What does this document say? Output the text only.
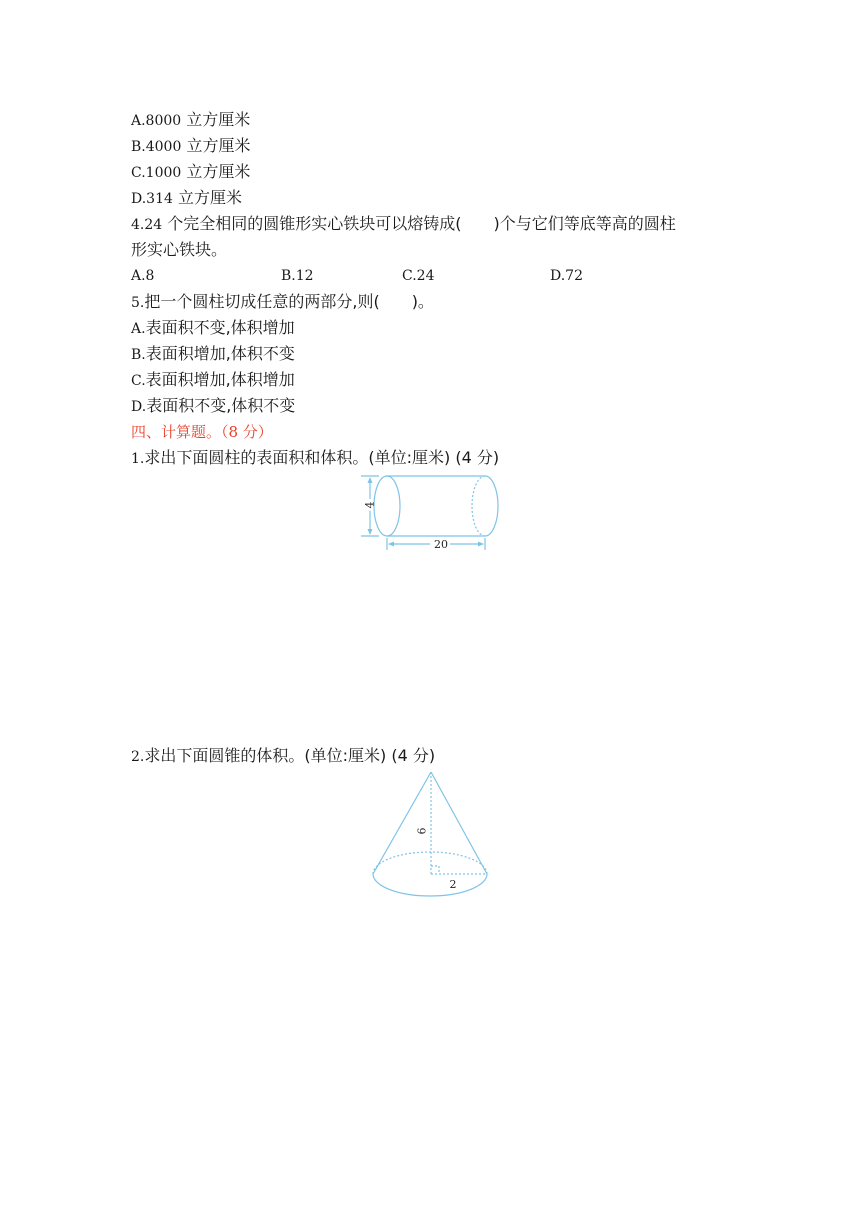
A.8000 立方厘米
B.4000 立方厘米
C.1000 立方厘米
D.314 立方厘米
4.24 个完全相同的圆锥形实心铁块可以熔铸成(　　)个与它们等底等高的圆柱
形实心铁块。
A.8	B.12	C.24	D.72
5.把一个圆柱切成任意的两部分,则(　　)。
A.表面积不变,体积增加
B.表面积增加,体积不变
C.表面积增加,体积增加
D.表面积不变,体积不变
四、计算题。（8 分）
1.求出下面圆柱的表面积和体积。(单位:厘米) (4 分)
4
20
2.求出下面圆锥的体积。(单位:厘米) (4 分)
6
2
